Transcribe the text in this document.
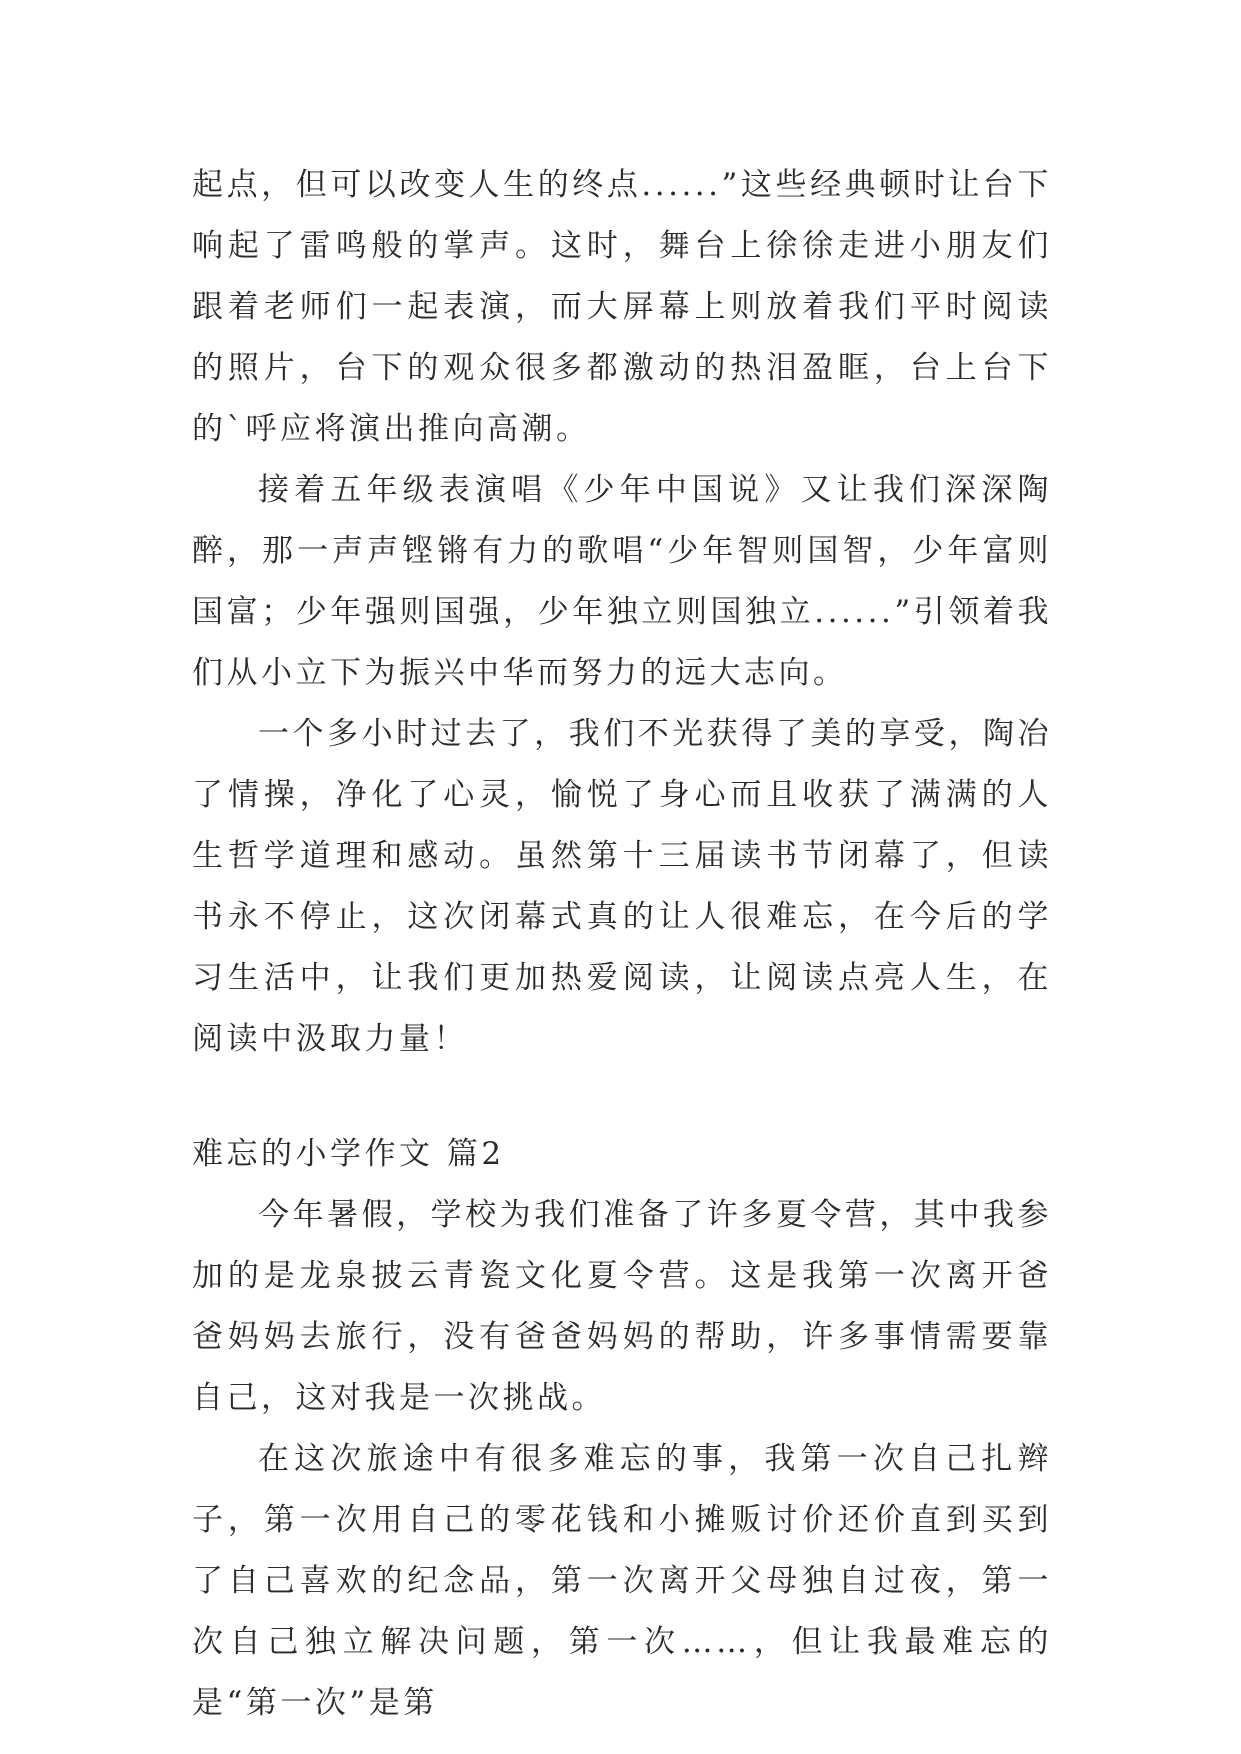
起点，但可以改变人生的终点......”这些经典顿时让台下响起了雷鸣般的掌声。这时，舞台上徐徐走进小朋友们跟着老师们一起表演，而大屏幕上则放着我们平时阅读的照片，台下的观众很多都激动的热泪盈眶，台上台下的`呼应将演出推向高潮。

接着五年级表演唱《少年中国说》又让我们深深陶醉，那一声声铿锵有力的歌唱“少年智则国智，少年富则国富；少年强则国强，少年独立则国独立......”引领着我们从小立下为振兴中华而努力的远大志向。

一个多小时过去了，我们不光获得了美的享受，陶冶了情操，净化了心灵，愉悦了身心而且收获了满满的人生哲学道理和感动。虽然第十三届读书节闭幕了，但读书永不停止，这次闭幕式真的让人很难忘，在今后的学习生活中，让我们更加热爱阅读，让阅读点亮人生，在阅读中汲取力量！

难忘的小学作文 篇2

今年暑假，学校为我们准备了许多夏令营，其中我参加的是龙泉披云青瓷文化夏令营。这是我第一次离开爸爸妈妈去旅行，没有爸爸妈妈的帮助，许多事情需要靠自己，这对我是一次挑战。

在这次旅途中有很多难忘的事，我第一次自己扎辫子，第一次用自己的零花钱和小摊贩讨价还价直到买到了自己喜欢的纪念品，第一次离开父母独自过夜，第一次自己独立解决问题，第一次……，但让我最难忘的是“第一次”是第
